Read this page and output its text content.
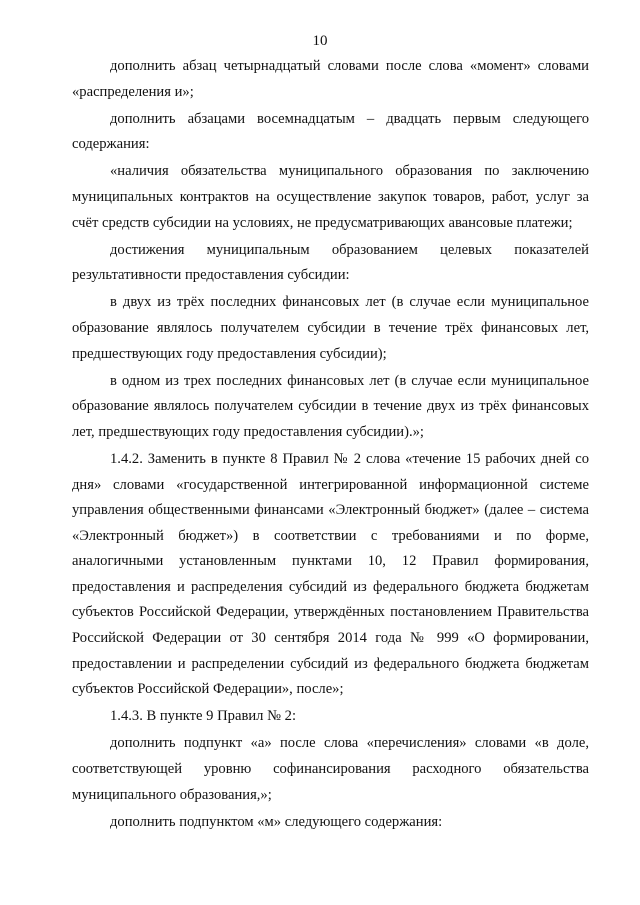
10

дополнить абзац четырнадцатый словами после слова «момент» словами «распределения и»;

дополнить абзацами восемнадцатым – двадцать первым следующего содержания:

«наличия обязательства муниципального образования по заключению муниципальных контрактов на осуществление закупок товаров, работ, услуг за счёт средств субсидии на условиях, не предусматривающих авансовые платежи;

достижения муниципальным образованием целевых показателей результативности предоставления субсидии:

в двух из трёх последних финансовых лет (в случае если муниципальное образование являлось получателем субсидии в течение трёх финансовых лет, предшествующих году предоставления субсидии);

в одном из трех последних финансовых лет (в случае если муниципальное образование являлось получателем субсидии в течение двух из трёх финансовых лет, предшествующих году предоставления субсидии).»;

1.4.2. Заменить в пункте 8 Правил № 2 слова «течение 15 рабочих дней со дня» словами «государственной интегрированной информационной системе управления общественными финансами «Электронный бюджет» (далее – система «Электронный бюджет») в соответствии с требованиями и по форме, аналогичными установленным пунктами 10, 12 Правил формирования, предоставления и распределения субсидий из федерального бюджета бюджетам субъектов Российской Федерации, утверждённых постановлением Правительства Российской Федерации от 30 сентября 2014 года № 999 «О формировании, предоставлении и распределении субсидий из федерального бюджета бюджетам субъектов Российской Федерации», после»;

1.4.3. В пункте 9 Правил № 2:

дополнить подпункт «а» после слова «перечисления» словами «в доле, соответствующей уровню софинансирования расходного обязательства муниципального образования,»;

дополнить подпунктом «м» следующего содержания:
